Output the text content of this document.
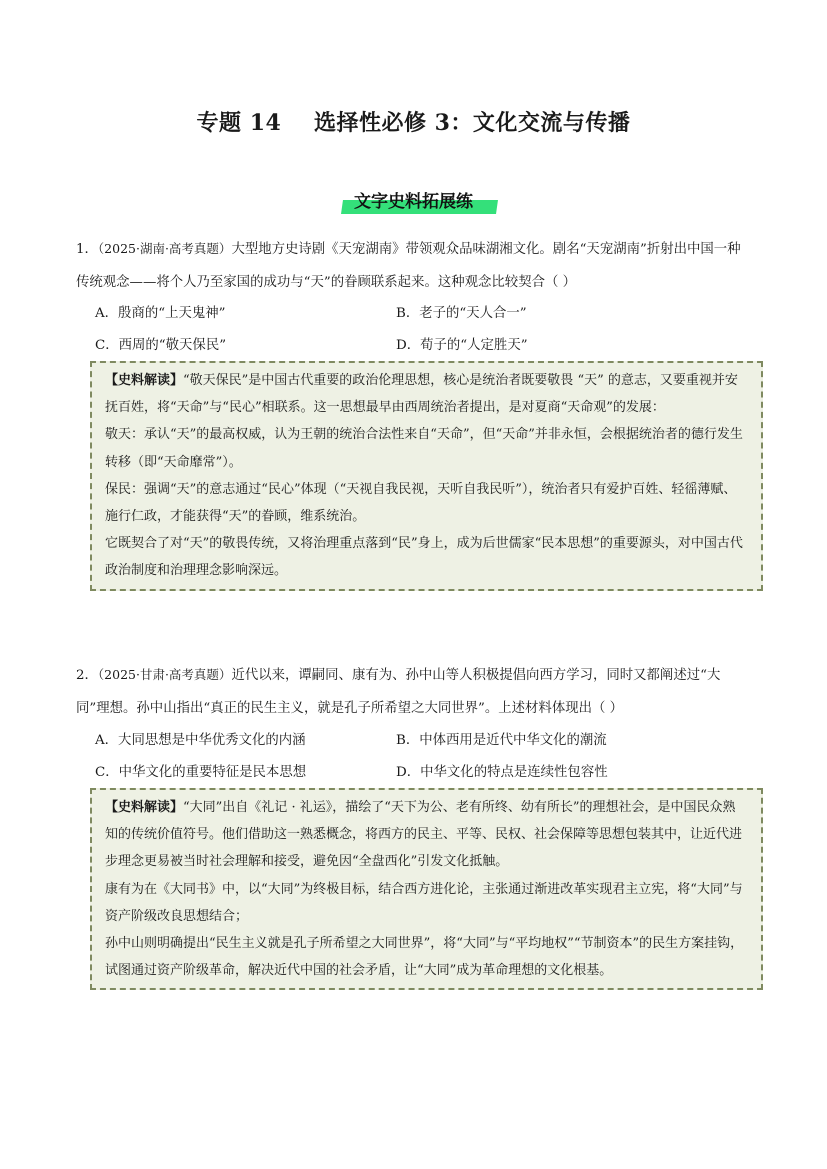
专题 14    选择性必修 3：文化交流与传播
文字史料拓展练
1．（2025·湖南·高考真题）大型地方史诗剧《天宠湖南》带领观众品味湖湘文化。剧名“天宠湖南”折射出中国一种传统观念——将个人乃至家国的成功与“天”的眷顾联系起来。这种观念比较契合（ ）
A．殷商的“上天鬼神”	B．老子的“天人合一”
C．西周的“敬天保民”	D．荀子的“人定胜天”

【史料解读】“敬天保民”是中国古代重要的政治伦理思想，核心是统治者既要敬畏 “天” 的意志，又要重视并安抚百姓，将“天命”与“民心”相联系。这一思想最早由西周统治者提出，是对夏商“天命观”的发展：

敬天：承认“天”的最高权威，认为王朝的统治合法性来自“天命”，但“天命”并非永恒，会根据统治者的德行发生转移（即“天命靡常”）。

保民：强调“天”的意志通过“民心”体现（“天视自我民视，天听自我民听”），统治者只有爱护百姓、轻徭薄赋、施行仁政，才能获得“天”的眷顾，维系统治。

它既契合了对“天”的敬畏传统，又将治理重点落到“民”身上，成为后世儒家“民本思想”的重要源头，对中国古代政治制度和治理理念影响深远。

2．（2025·甘肃·高考真题）近代以来，谭嗣同、康有为、孙中山等人积极提倡向西方学习，同时又都阐述过“大同”理想。孙中山指出“真正的民生主义，就是孔子所希望之大同世界”。上述材料体现出（ ）
A．大同思想是中华优秀文化的内涵	B．中体西用是近代中华文化的潮流
C．中华文化的重要特征是民本思想	D．中华文化的特点是连续性包容性

【史料解读】“大同”出自《礼记 · 礼运》，描绘了“天下为公、老有所终、幼有所长”的理想社会，是中国民众熟知的传统价值符号。他们借助这一熟悉概念，将西方的民主、平等、民权、社会保障等思想包装其中，让近代进步理念更易被当时社会理解和接受，避免因“全盘西化”引发文化抵触。

康有为在《大同书》中，以“大同”为终极目标，结合西方进化论，主张通过渐进改革实现君主立宪，将“大同”与资产阶级改良思想结合；

孙中山则明确提出“民生主义就是孔子所希望之大同世界”，将“大同”与“平均地权”“节制资本”的民生方案挂钩，试图通过资产阶级革命，解决近代中国的社会矛盾，让“大同”成为革命理想的文化根基。
